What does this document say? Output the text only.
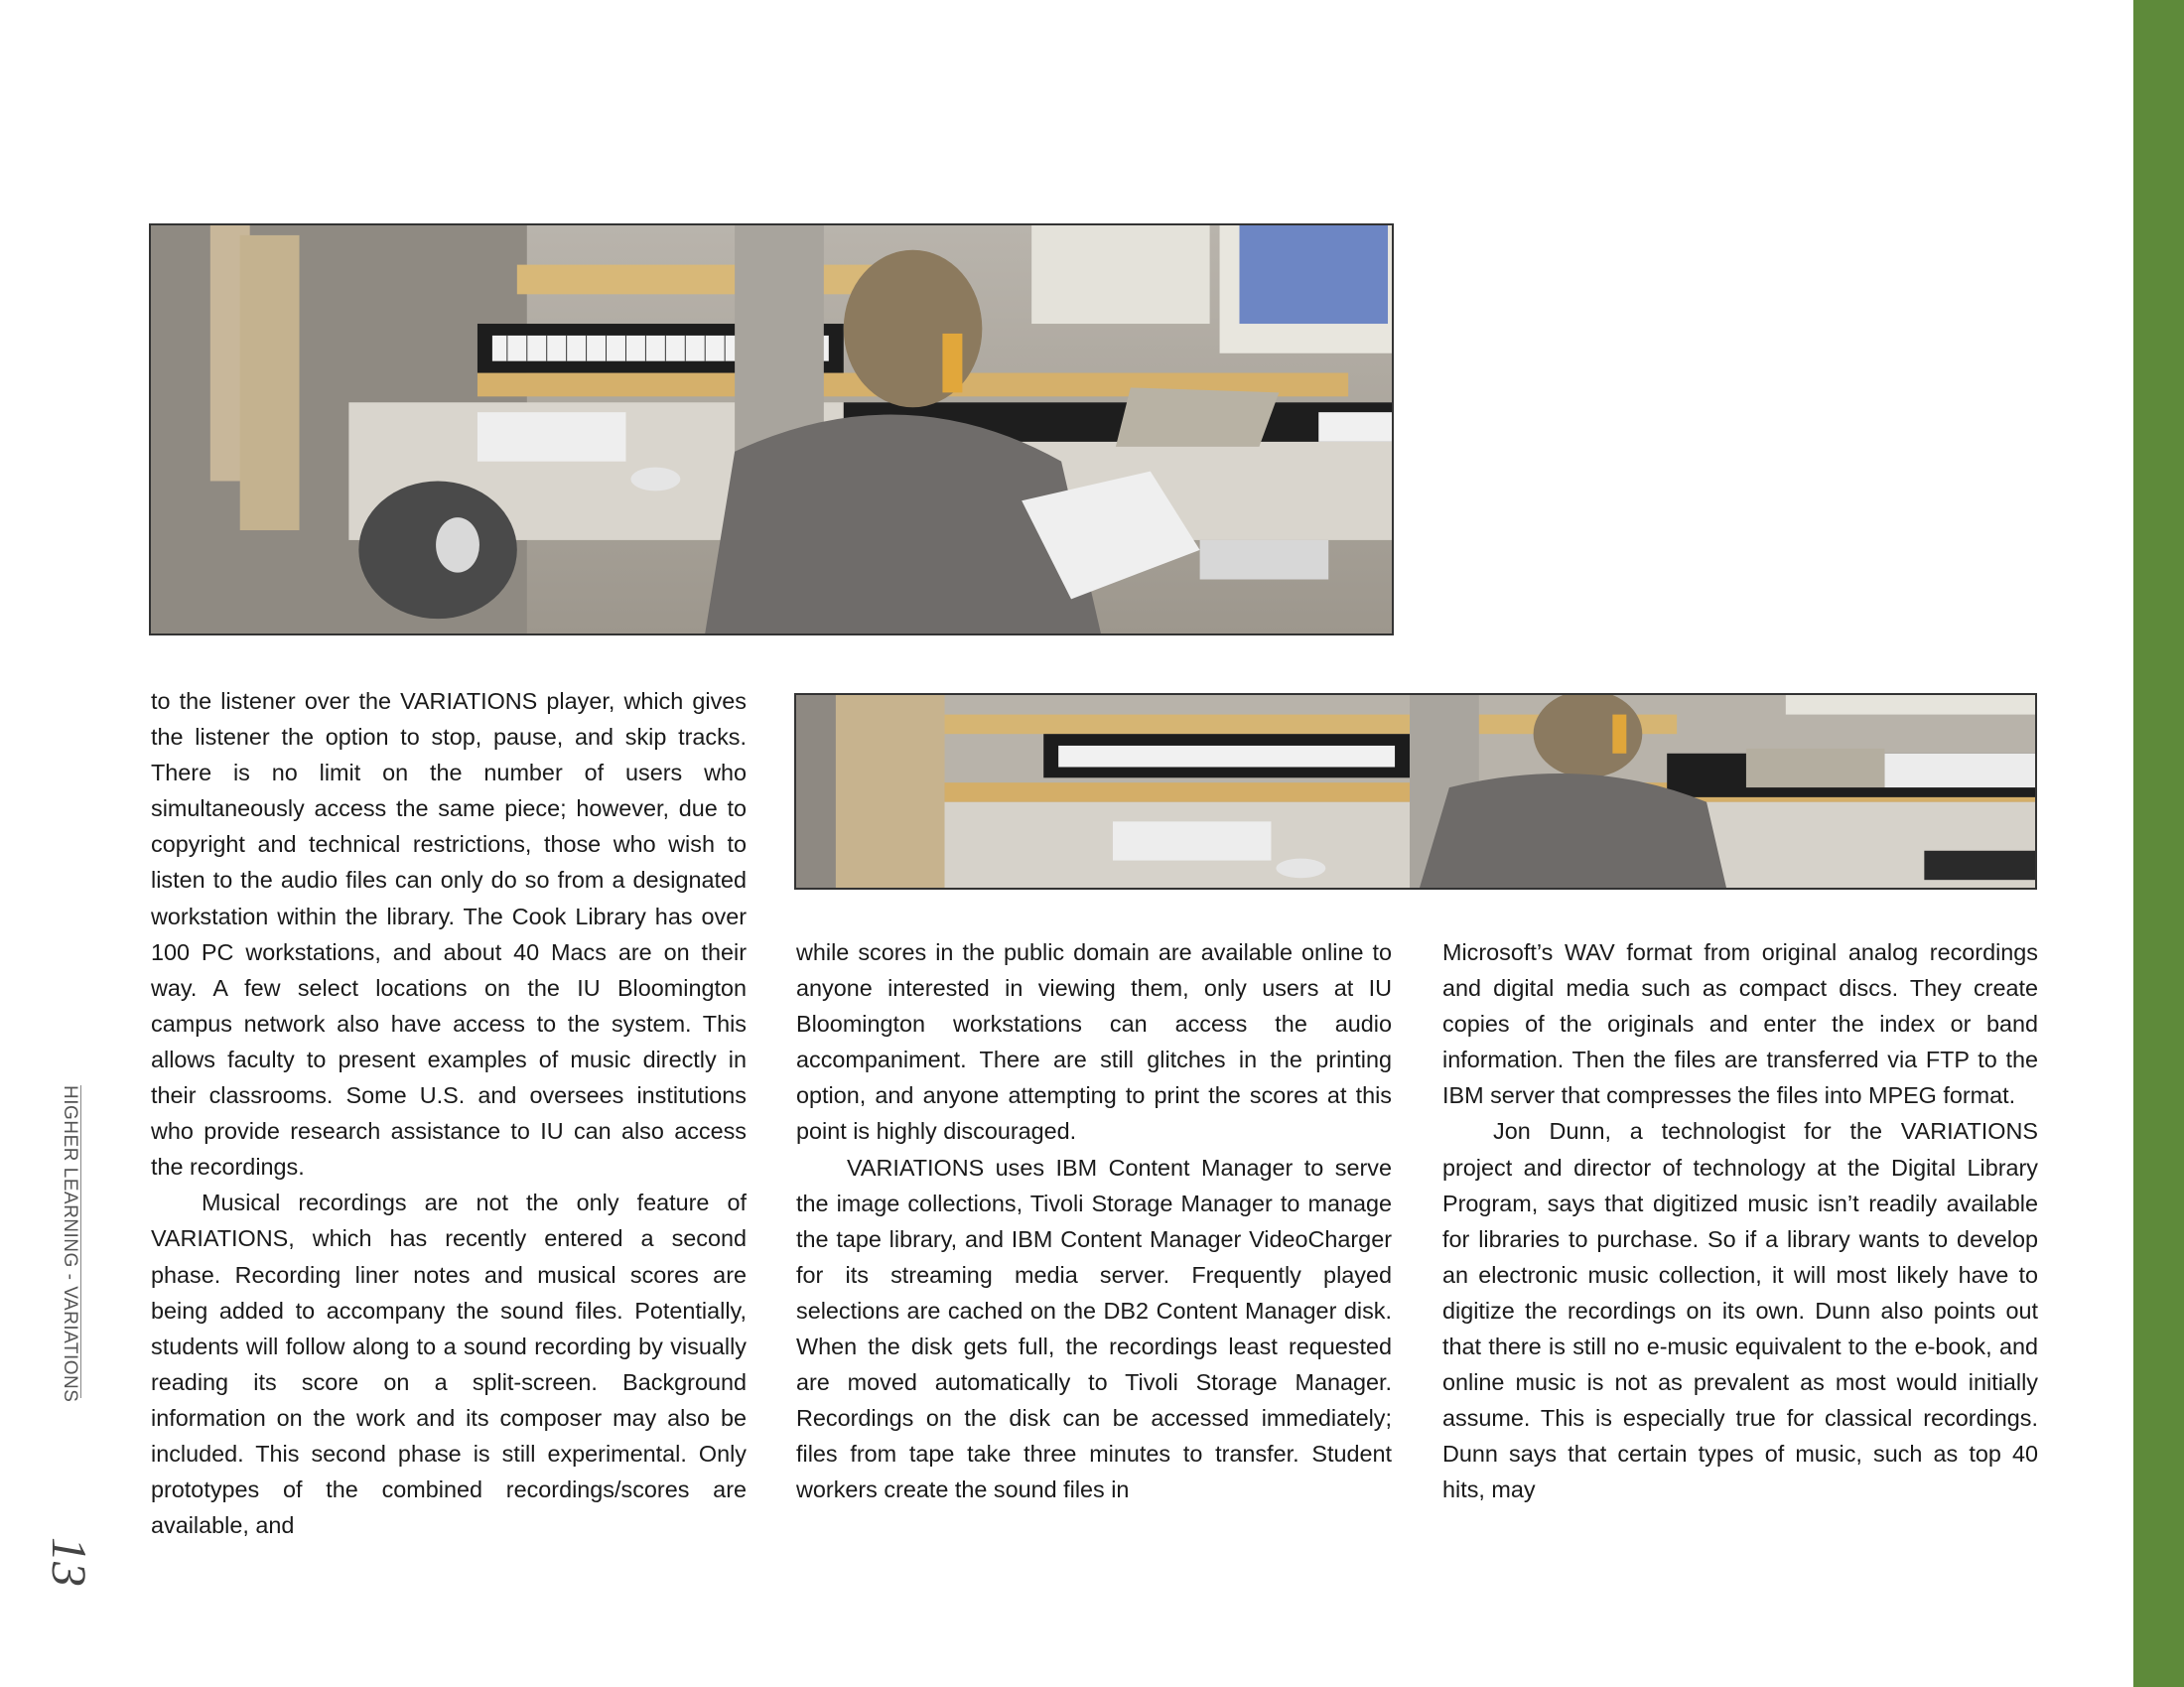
to the listener over the VARIATIONS player, which gives the listener the option to stop, pause, and skip tracks. There is no limit on the number of users who simultaneously access the same piece; however, due to copyright and technical restrictions, those who wish to listen to the audio files can only do so from a designated workstation within the library. The Cook Library has over 100 PC workstations, and about 40 Macs are on their way. A few select locations on the IU Bloomington campus network also have access to the system. This allows faculty to present examples of music directly in their classrooms. Some U.S. and oversees institutions who provide research assistance to IU can also access the recordings.

Musical recordings are not the only feature of VARIATIONS, which has recently entered a second phase. Recording liner notes and musical scores are being added to accompany the sound files. Potentially, students will follow along to a sound recording by visually reading its score on a split-screen. Background information on the work and its composer may also be included. This second phase is still experimental. Only prototypes of the combined recordings/scores are available, and

while scores in the public domain are available online to anyone interested in viewing them, only users at IU Bloomington workstations can access the audio accompaniment. There are still glitches in the printing option, and anyone attempting to print the scores at this point is highly discouraged.

VARIATIONS uses IBM Content Manager to serve the image collections, Tivoli Storage Manager to manage the tape library, and IBM Content Manager VideoCharger for its streaming media server. Frequently played selections are cached on the DB2 Content Manager disk. When the disk gets full, the recordings least requested are moved automatically to Tivoli Storage Manager. Recordings on the disk can be accessed immediately; files from tape take three minutes to transfer. Student workers create the sound files in

Microsoft’s WAV format from original analog recordings and digital media such as compact discs. They create copies of the originals and enter the index or band information. Then the files are transferred via FTP to the IBM server that compresses the files into MPEG format.

Jon Dunn, a technologist for the VARIATIONS project and director of technology at the Digital Library Program, says that digitized music isn’t readily available for libraries to purchase. So if a library wants to develop an electronic music collection, it will most likely have to digitize the recordings on its own. Dunn also points out that there is still no e-music equivalent to the e-book, and online music is not as prevalent as most would initially assume. This is especially true for classical recordings. Dunn says that certain types of music, such as top 40 hits, may

HIGHER LEARNING - VARIATIONS
13
